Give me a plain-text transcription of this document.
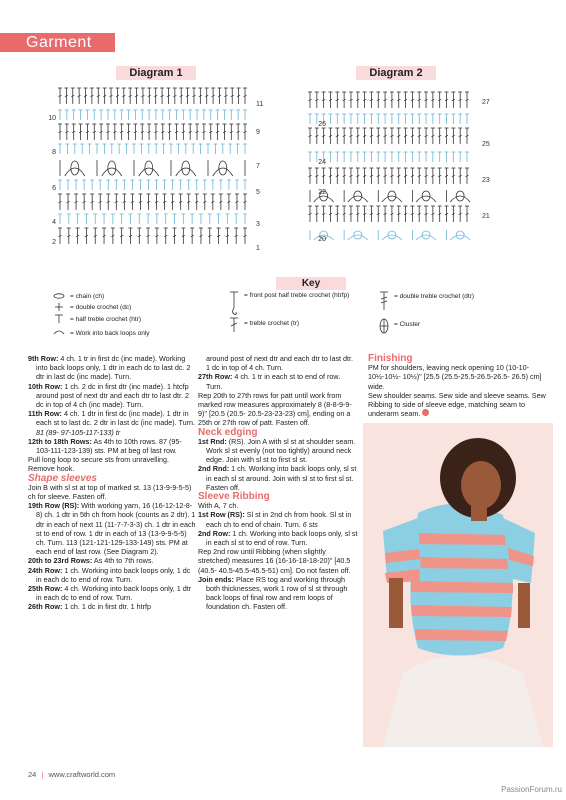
Garment
Diagram 1	Diagram 2
10
8
6
4
2
11
9
7
5
3
1
26
24
22
20
27
25
23
21
Key
= chain (ch)
= double crochet (dc)
= half treble crochet (htr)
= Work into back loops only
= front post half treble crochet (htrfp)
= treble crochet (tr)
= double treble crochet (dtr)
= Cluster

9th Row: 4 ch. 1 tr in first dc (inc made). Working into back loops only, 1 dtr in each dc to last dc. 2 dtr in last dc (inc made). Turn.

10th Row: 1 ch. 2 dc in first dtr (inc made). 1 htcfp around post of next dtr and each dtr to last dtr. 2 dc in top of 4 ch (inc made). Turn.

11th Row: 4 ch. 1 dtr in first dc (inc made). 1 dtr in each st to last dc. 2 dtr in last dc (inc made). Turn. 81 (89- 97-105-117-133) tr

12th to 18th Rows: As 4th to 10th rows. 87 (95-103-111-123-139) sts. PM at beg of last row.

Pull long loop to secure sts from unravelling. Remove hook.

Shape sleeves

Join B with sl st at top of marked st. 13 (13-9-9-5-5) ch for sleeve. Fasten off.

19th Row (RS): With working yarn, 16 (16-12-12-8-8) ch. 1 dtr in 5th ch from hook (counts as 2 dtr). 1 dtr in each of next 11 (11-7-7-3-3) ch. 1 dtr in each st to end of row. 1 dtr in each of 13 (13-9-9-5-5) ch. Turn. 113 (121-121-129-133-149) sts. PM at each end of last row. (See Diagram 2).

20th to 23rd Rows: As 4th to 7th rows.

24th Row: 1 ch. Working into back loops only, 1 dc in each dc to end of row. Turn.

25th Row: 4 ch. Working into back loops only, 1 dtr in each dc to end of row. Turn.

26th Row: 1 ch. 1 dc in first dtr. 1 htrfp

around post of next dtr and each dtr to last dtr. 1 dc in top of 4 ch. Turn.

27th Row: 4 ch. 1 tr in each st to end of row. Turn.

Rep 20th to 27th rows for patt until work from marked row measures approximately 8 (8-8-9-9-9)" [20.5 (20.5- 20.5-23-23-23) cm], ending on a 25th or 27th row of patt. Fasten off.

Neck edging

1st Rnd: (RS). Join A with sl st at shoulder seam. Work sl st evenly (not too tightly) around neck edge. Join with sl st to first sl st.

2nd Rnd: 1 ch. Working into back loops only, sl st in each sl st around. Join with sl st to first sl st. Fasten off.

Sleeve Ribbing

With A, 7 ch.

1st Row (RS): Sl st in 2nd ch from hook. Sl st in each ch to end of chain. Turn. 6 sts

2nd Row: 1 ch. Working into back loops only, sl st in each sl st to end of row. Turn.

Rep 2nd row until Ribbing (when slightly stretched) measures 16 (16-16-18-18-20)" [40.5 (40.5- 40.5-45.5-45.5-51) cm]. Do not fasten off.

Join ends: Place RS tog and working through both thicknesses, work 1 row of sl st through back loops of final row and rem loops of foundation ch. Fasten off.

Finishing

PM for shoulders, leaving neck opening 10 (10-10-10½-10½- 10½)" [25.5 (25.5-25.5-26.5-26.5- 26.5) cm] wide.

Sew shoulder seams. Sew side and sleeve seams. Sew Ribbing to side of sleeve edge, matching seam to underarm seam.

24 | www.craftworld.com
PassionForum.ru
